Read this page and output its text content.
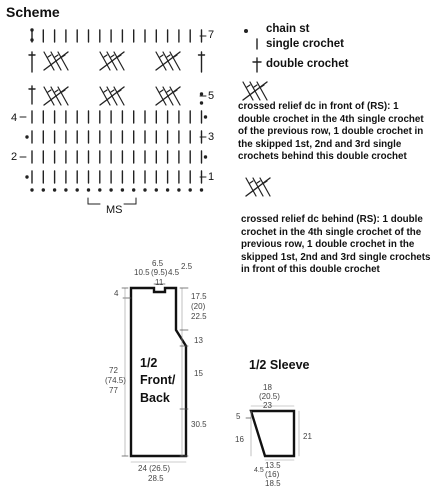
Scheme
4
2
7
5
3
1
MS
chain st
single crochet
double crochet
crossed relief dc in front of (RS): 1 double crochet in the 4th single crochet of the previous row, 1 double crochet in the skipped 1st, 2nd and 3rd single crochets behind this double crochet
crossed relief dc behind (RS): 1 double crochet in the 4th single crochet of the previous row, 1 double crochet in the skipped 1st, 2nd and 3rd single crochets in front of this double crochet
6.5
(9.5)
11
10.5 4.5
2.5
4	17.5
(20)
22.5
13
15
30.5
72
(74.5)
77
24 (26.5)
28.5
1/2
Front/
Back
1/2 Sleeve
18
(20.5)
23
5
16	21
13.5
(16)
18.5
4.5
